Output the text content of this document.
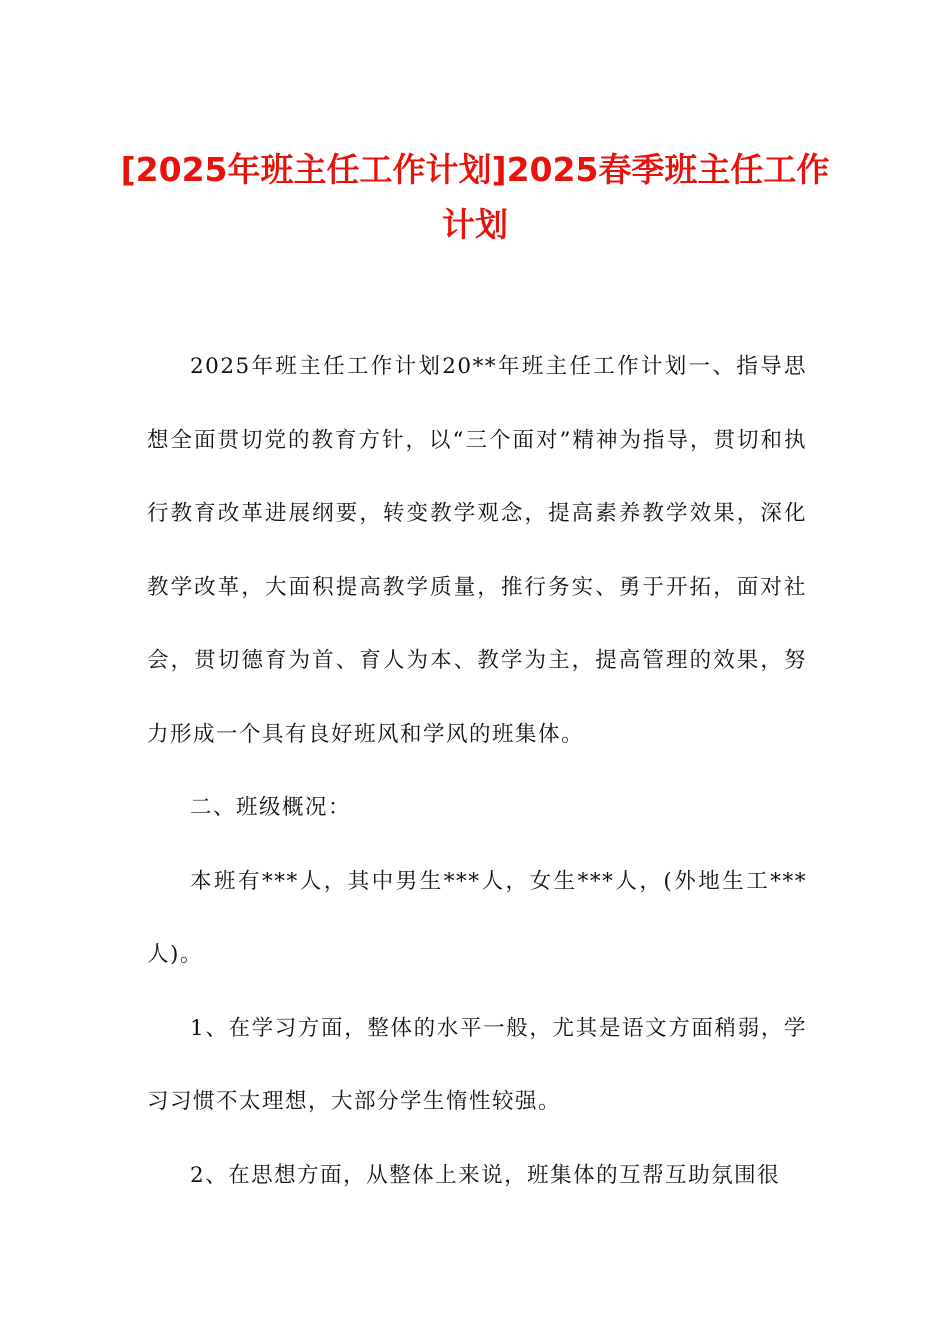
[2025年班主任工作计划]2025春季班主任工作计划

2025年班主任工作计划20**年班主任工作计划一、指导思想全面贯切党的教育方针，以“三个面对”精神为指导，贯切和执行教育改革进展纲要，转变教学观念，提高素养教学效果，深化教学改革，大面积提高教学质量，推行务实、勇于开拓，面对社会，贯切德育为首、育人为本、教学为主，提高管理的效果，努力形成一个具有良好班风和学风的班集体。

二、班级概况：

本班有***人，其中男生***人，女生***人，(外地生工***人)。

1、在学习方面，整体的水平一般，尤其是语文方面稍弱，学习习惯不太理想，大部分学生惰性较强。

2、在思想方面，从整体上来说，班集体的互帮互助氛围很
